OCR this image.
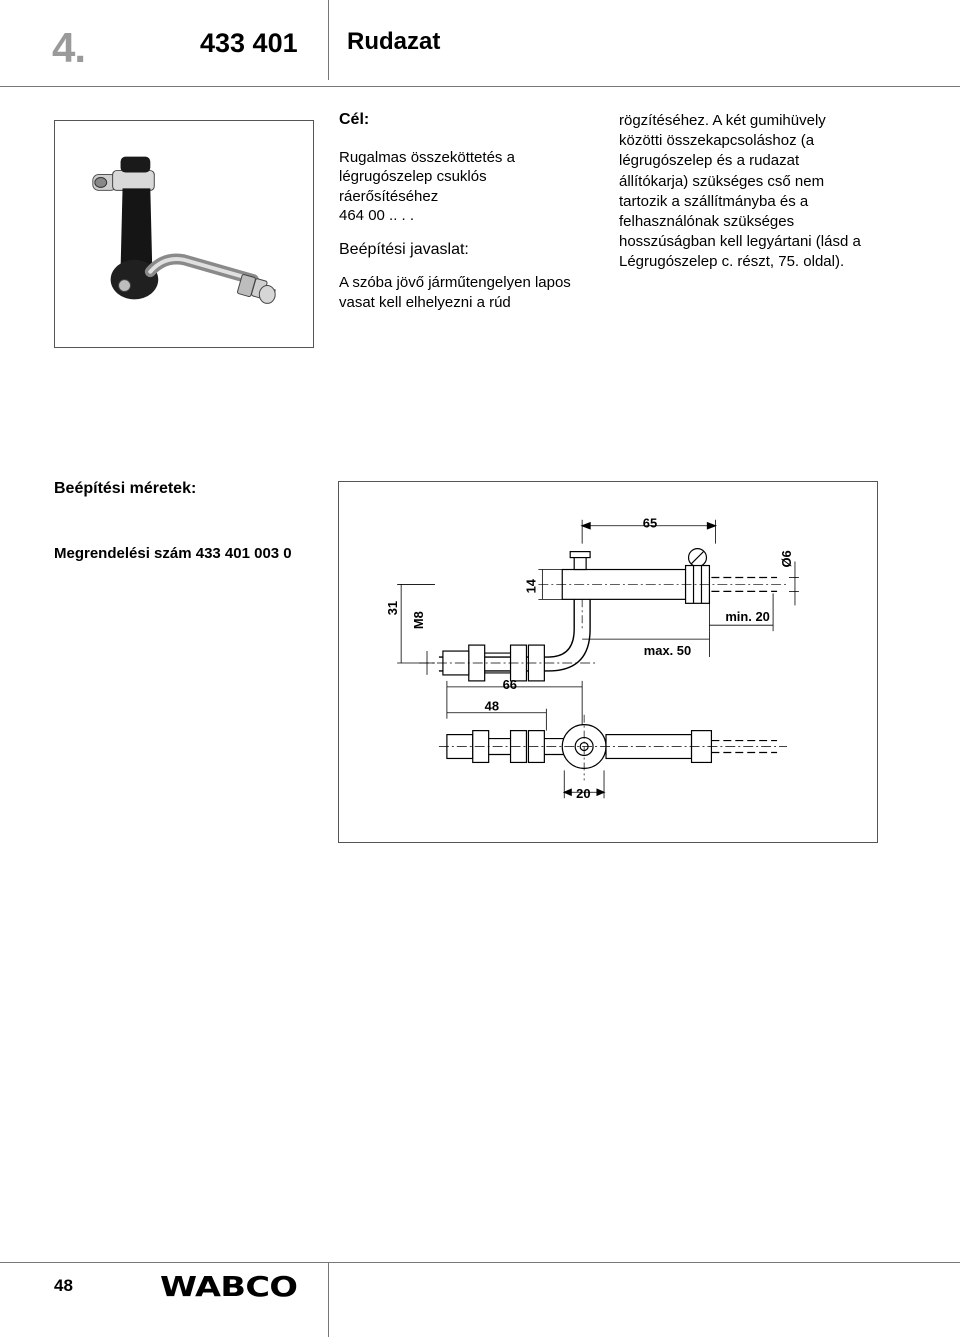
4.	433 401 Rudazat
Cél:
Rugalmas összeköttetés a
légrugószelep csuklós
ráerősítéséhez
464 00 .. . .
Beépítési javaslat:
A szóba jövő járműtengelyen lapos
vasat kell elhelyezni a rúd
rögzítéséhez. A két gumihüvely
közötti összekapcsoláshoz (a
légrugószelep és a rudazat
állítókarja) szükséges cső nem
tartozik a szállítmányba és a
felhasználónak szükséges
hosszúságban kell legyártani (lásd a
Légrugószelep c. részt, 75. oldal).
Beépítési méretek:
Megrendelési szám 433 401 003 0
65
Ø6
14
31
M8	min. 20
max. 50
66
48
20
48	WABCO
